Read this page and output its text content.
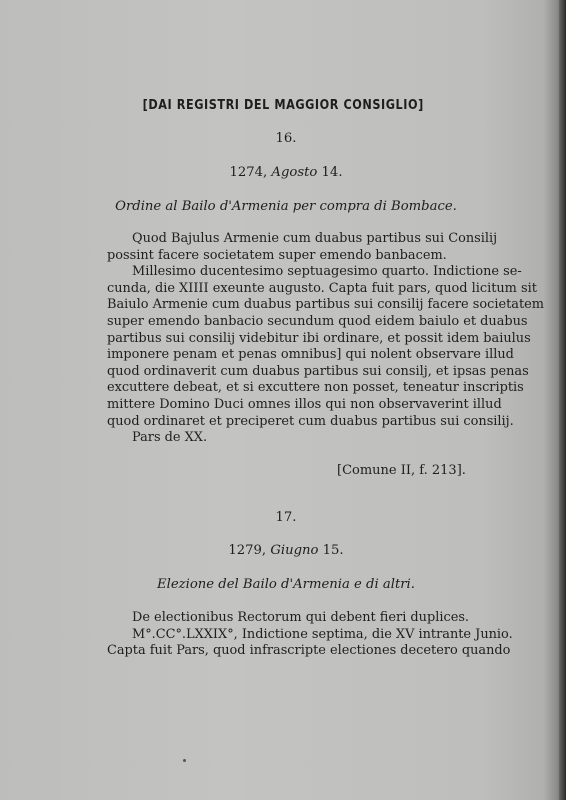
[DAI REGISTRI DEL MAGGIOR CONSIGLIO]
16.
1274, Agosto 14.
Ordine al Bailo d'Armenia per compra di Bombace.
Quod Bajulus Armenie cum duabus partibus sui Consilij
possint facere societatem super emendo banbacem.
Millesimo ducentesimo septuagesimo quarto. Indictione se-
cunda, die XIIII exeunte augusto. Capta fuit pars, quod licitum sit
Baiulo Armenie cum duabus partibus sui consilij facere societatem
super emendo banbacio secundum quod eidem baiulo et duabus
partibus sui consilij videbitur ibi ordinare, et possit idem baiulus
imponere penam et penas omnibus] qui nolent observare illud
quod ordinaverit cum duabus partibus sui consilj, et ipsas penas
excuttere debeat, et si excuttere non posset, teneatur inscriptis
mittere Domino Duci omnes illos qui non observaverint illud
quod ordinaret et preciperet cum duabus partibus sui consilij.
Pars de XX.
[Comune II, f. 213].
17.
1279, Giugno 15.
Elezione del Bailo d'Armenia e di altri.
De electionibus Rectorum qui debent fieri duplices.
M°.CC°.LXXIX°, Indictione septima, die XV intrante Junio.
Capta fuit Pars, quod infrascripte electiones decetero quando
